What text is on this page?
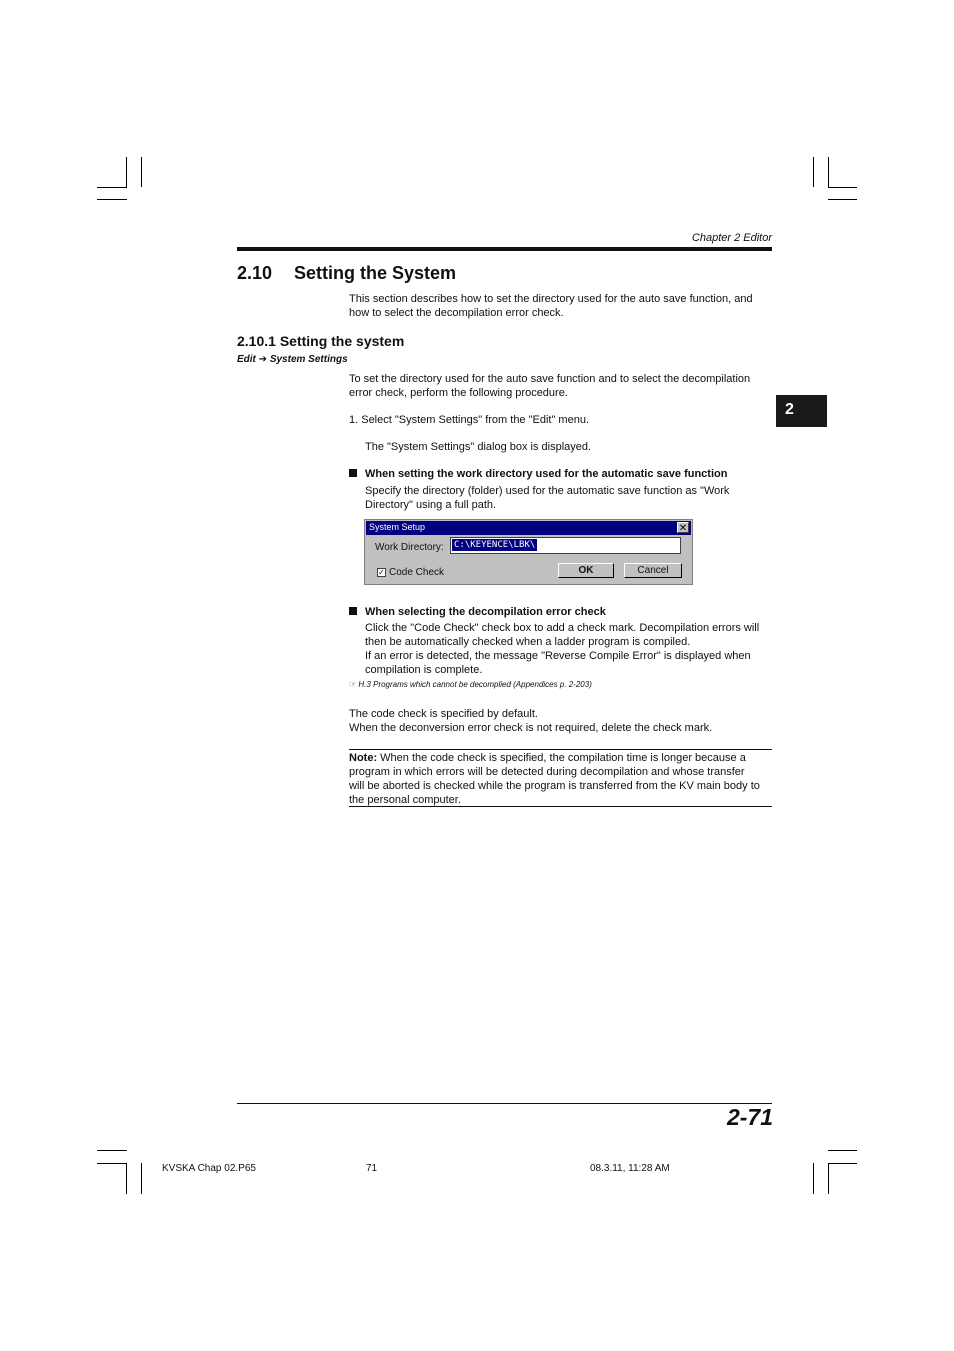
Chapter 2 Editor
2.10 Setting the System
This section describes how to set the directory used for the auto save function, and
how to select the decompilation error check.
2.10.1 Setting the system
Edit ➔ System Settings
To set the directory used for the auto save function and to select the decompilation
error check, perform the following procedure.
1. Select "System Settings" from the "Edit" menu.
The "System Settings" dialog box is displayed.
2
When setting the work directory used for the automatic save function
Specify the directory (folder) used for the automatic save function as "Work
Directory" using a full path.
System Setup	✕
Work Directory: C:\KEYENCE\LBK\
✓ Code Check	OK	Cancel
When selecting the decompilation error check
Click the "Code Check" check box to add a check mark. Decompilation errors will
then be automatically checked when a ladder program is compiled.
If an error is detected, the message "Reverse Compile Error" is displayed when
compilation is complete.
☞ H.3 Programs which cannot be decomplied (Appendices p. 2-203)
The code check is specified by default.
When the deconversion error check is not required, delete the check mark.
Note: When the code check is specified, the compilation time is longer because a
program in which errors will be detected during decompilation and whose transfer
will be aborted is checked while the program is transferred from the KV main body to
the personal computer.
2-71
KVSKA Chap 02.P65	71	08.3.11, 11:28 AM
